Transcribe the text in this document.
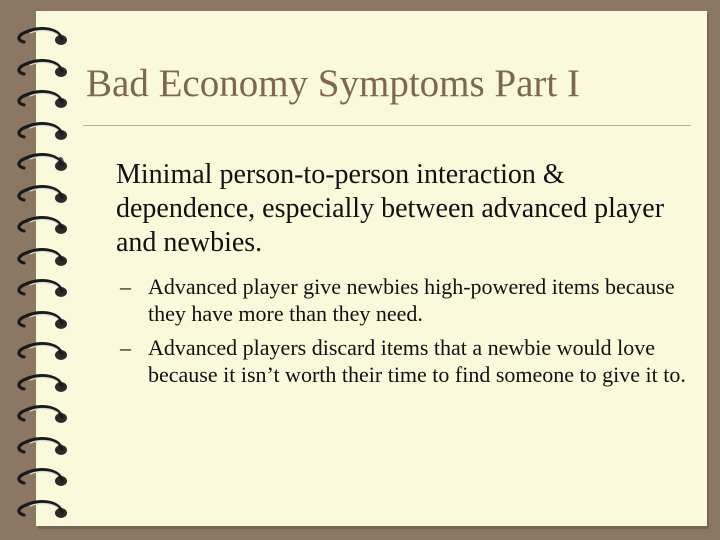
Bad Economy Symptoms Part I
Minimal person-to-person interaction & dependence, especially between advanced player and newbies.
– Advanced player give newbies high-powered items because they have more than they need.
– Advanced players discard items that a newbie would love because it isn’t worth their time to find someone to give it to.
